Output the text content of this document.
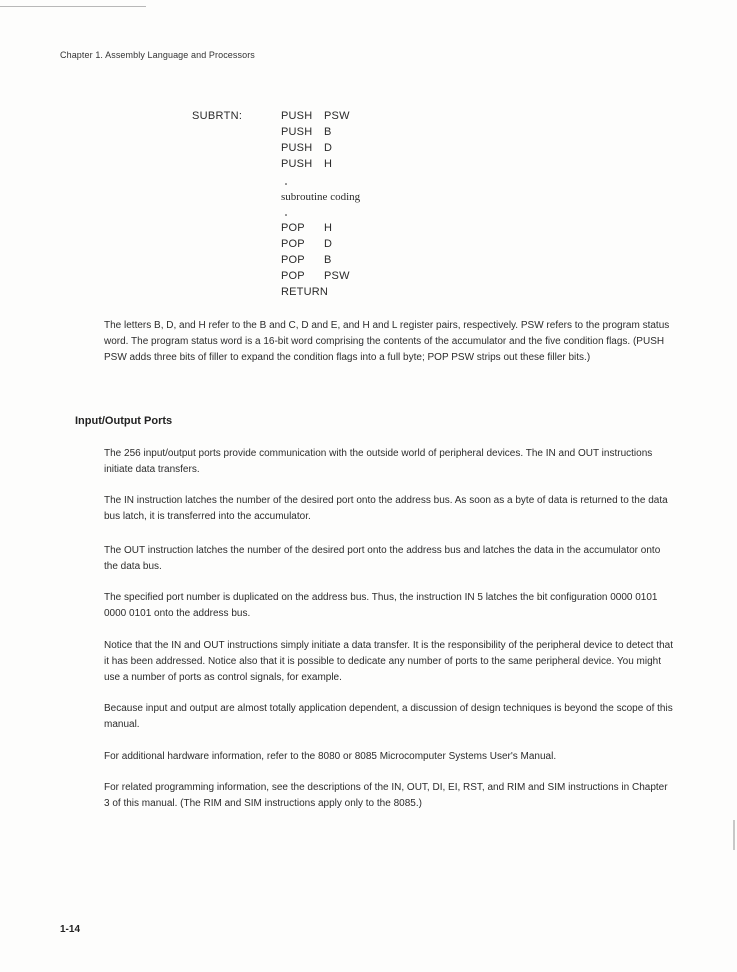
Chapter 1. Assembly Language and Processors
SUBRTN:	PUSH PSW
PUSH B
PUSH D
PUSH H
subroutine coding
POP H
POP D
POP B
POP PSW
RETURN
The letters B, D, and H refer to the B and C, D and E, and H and L register pairs, respectively. PSW refers to the program status word. The program status word is a 16-bit word comprising the contents of the accumulator and the five condition flags. (PUSH PSW adds three bits of filler to expand the condition flags into a full byte; POP PSW strips out these filler bits.)
Input/Output Ports
The 256 input/output ports provide communication with the outside world of peripheral devices. The IN and OUT instructions initiate data transfers.
The IN instruction latches the number of the desired port onto the address bus. As soon as a byte of data is returned to the data bus latch, it is transferred into the accumulator.
The OUT instruction latches the number of the desired port onto the address bus and latches the data in the accumulator onto the data bus.
The specified port number is duplicated on the address bus. Thus, the instruction IN 5 latches the bit configuration 0000 0101 0000 0101 onto the address bus.
Notice that the IN and OUT instructions simply initiate a data transfer. It is the responsibility of the peripheral device to detect that it has been addressed. Notice also that it is possible to dedicate any number of ports to the same peripheral device. You might use a number of ports as control signals, for example.
Because input and output are almost totally application dependent, a discussion of design techniques is beyond the scope of this manual.
For additional hardware information, refer to the 8080 or 8085 Microcomputer Systems User's Manual.
For related programming information, see the descriptions of the IN, OUT, DI, EI, RST, and RIM and SIM instructions in Chapter 3 of this manual. (The RIM and SIM instructions apply only to the 8085.)
1-14
